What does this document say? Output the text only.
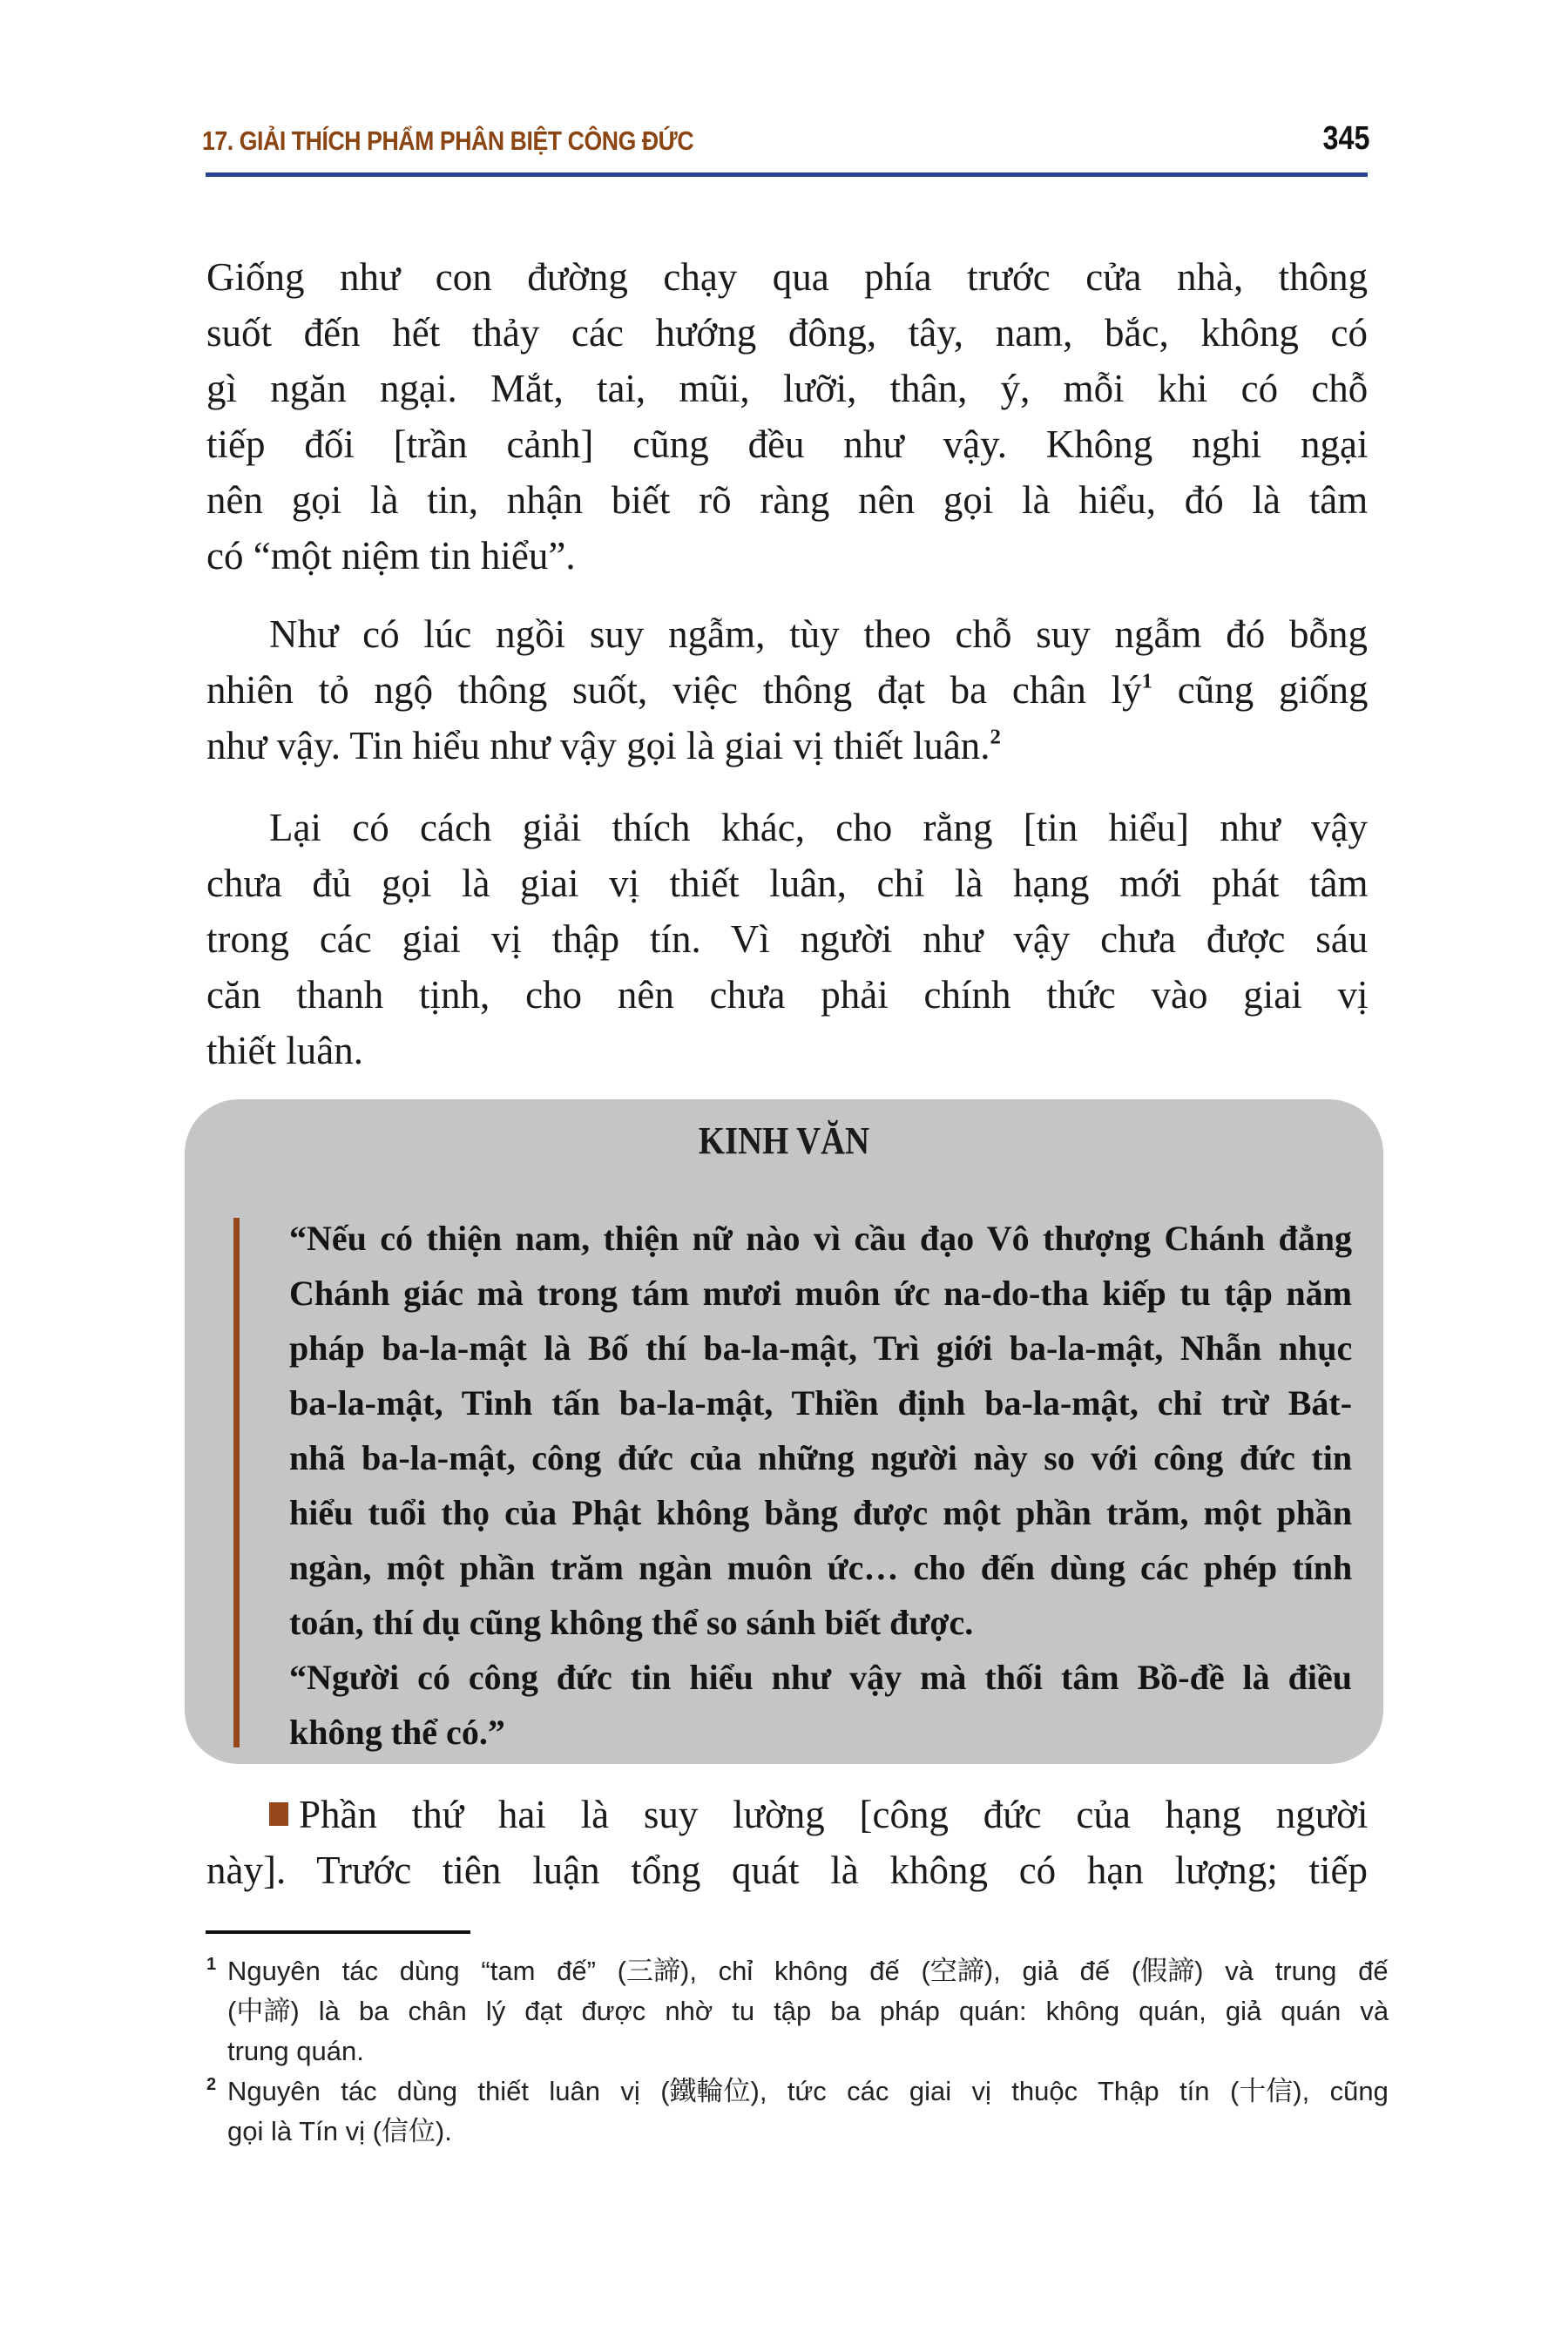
17. GIẢI THÍCH PHẨM PHÂN BIỆT CÔNG ĐỨC	345
Giống như con đường chạy qua phía trước cửa nhà, thông
suốt đến hết thảy các hướng đông, tây, nam, bắc, không có
gì ngăn ngại. Mắt, tai, mũi, lưỡi, thân, ý, mỗi khi có chỗ
tiếp đối [trần cảnh] cũng đều như vậy. Không nghi ngại
nên gọi là tin, nhận biết rõ ràng nên gọi là hiểu, đó là tâm
có “một niệm tin hiểu”.
Như có lúc ngồi suy ngẫm, tùy theo chỗ suy ngẫm đó bỗng
nhiên tỏ ngộ thông suốt, việc thông đạt ba chân $lý^1$ cũng giống
như vậy. Tin hiểu như vậy gọi là giai vị thiết luân.$^2$
Lại có cách giải thích khác, cho rằng [tin hiểu] như vậy
chưa đủ gọi là giai vị thiết luân, chỉ là hạng mới phát tâm
trong các giai vị thập tín. Vì người như vậy chưa được sáu
căn thanh tịnh, cho nên chưa phải chính thức vào giai vị
thiết luân.
KINH VĂN
“Nếu có thiện nam, thiện nữ nào vì cầu đạo Vô thượng Chánh đẳng
Chánh giác mà trong tám mươi muôn ức na-do-tha kiếp tu tập năm
pháp ba-la-mật là Bố thí ba-la-mật, Trì giới ba-la-mật, Nhẫn nhục
ba-la-mật, Tinh tấn ba-la-mật, Thiền định ba-la-mật, chỉ trừ Bát-
nhã ba-la-mật, công đức của những người này so với công đức tin
hiểu tuổi thọ của Phật không bằng được một phần trăm, một phần
ngàn, một phần trăm ngàn muôn ức… cho đến dùng các phép tính
toán, thí dụ cũng không thể so sánh biết được.
“Người có công đức tin hiểu như vậy mà thối tâm Bồ-đề là điều
không thể có.”
Phần thứ hai là suy lường [công đức của hạng người
này]. Trước tiên luận tổng quát là không có hạn lượng; tiếp
1 Nguyên tác dùng “tam đế” (三諦), chỉ không đế (空諦), giả đế (假諦) và trung đế
(中諦) là ba chân lý đạt được nhờ tu tập ba pháp quán: không quán, giả quán và
trung quán.
2 Nguyên tác dùng thiết luân vị (鐵輪位), tức các giai vị thuộc Thập tín (十信), cũng
gọi là Tín vị (信位).
